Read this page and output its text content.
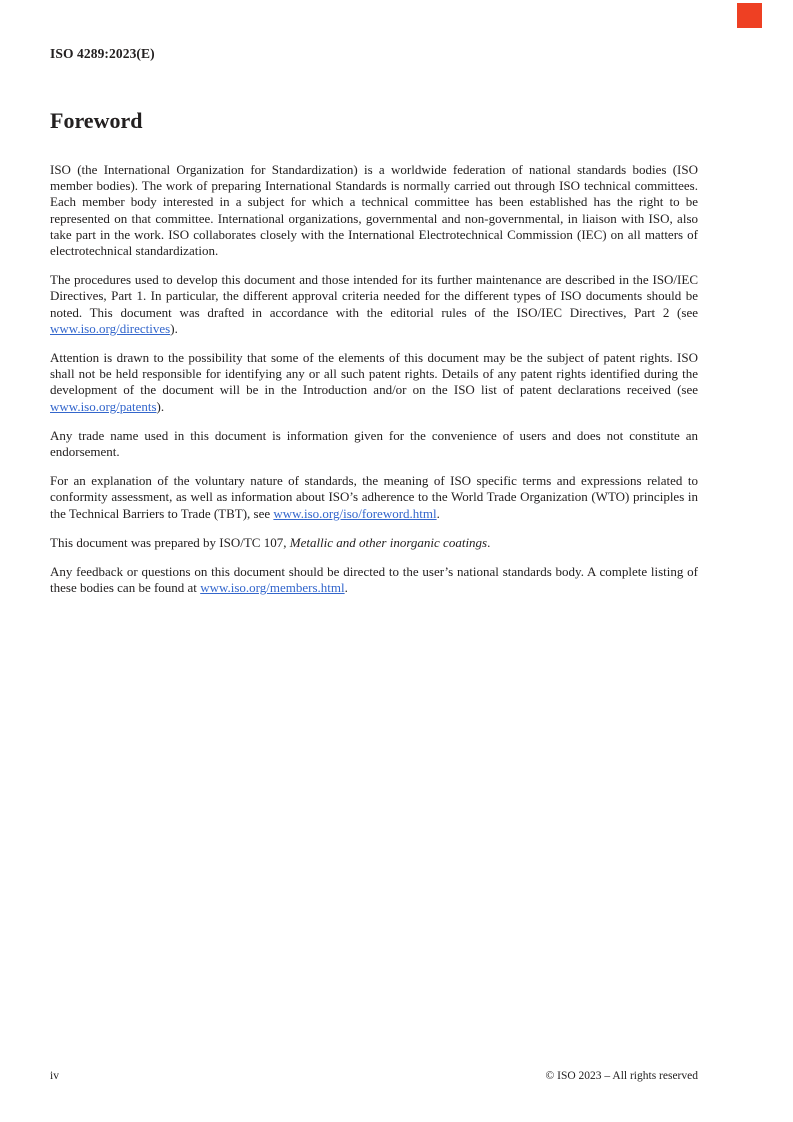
ISO 4289:2023(E)
Foreword

ISO (the International Organization for Standardization) is a worldwide federation of national standards bodies (ISO member bodies). The work of preparing International Standards is normally carried out through ISO technical committees. Each member body interested in a subject for which a technical committee has been established has the right to be represented on that committee. International organizations, governmental and non-governmental, in liaison with ISO, also take part in the work. ISO collaborates closely with the International Electrotechnical Commission (IEC) on all matters of electrotechnical standardization.

The procedures used to develop this document and those intended for its further maintenance are described in the ISO/IEC Directives, Part 1. In particular, the different approval criteria needed for the different types of ISO documents should be noted. This document was drafted in accordance with the editorial rules of the ISO/IEC Directives, Part 2 (see www.iso.org/directives).

Attention is drawn to the possibility that some of the elements of this document may be the subject of patent rights. ISO shall not be held responsible for identifying any or all such patent rights. Details of any patent rights identified during the development of the document will be in the Introduction and/or on the ISO list of patent declarations received (see www.iso.org/patents).

Any trade name used in this document is information given for the convenience of users and does not constitute an endorsement.

For an explanation of the voluntary nature of standards, the meaning of ISO specific terms and expressions related to conformity assessment, as well as information about ISO’s adherence to the World Trade Organization (WTO) principles in the Technical Barriers to Trade (TBT), see www.iso.org/iso/foreword.html.

This document was prepared by ISO/TC 107, Metallic and other inorganic coatings.

Any feedback or questions on this document should be directed to the user’s national standards body. A complete listing of these bodies can be found at www.iso.org/members.html.

iv	© ISO 2023 – All rights reserved
